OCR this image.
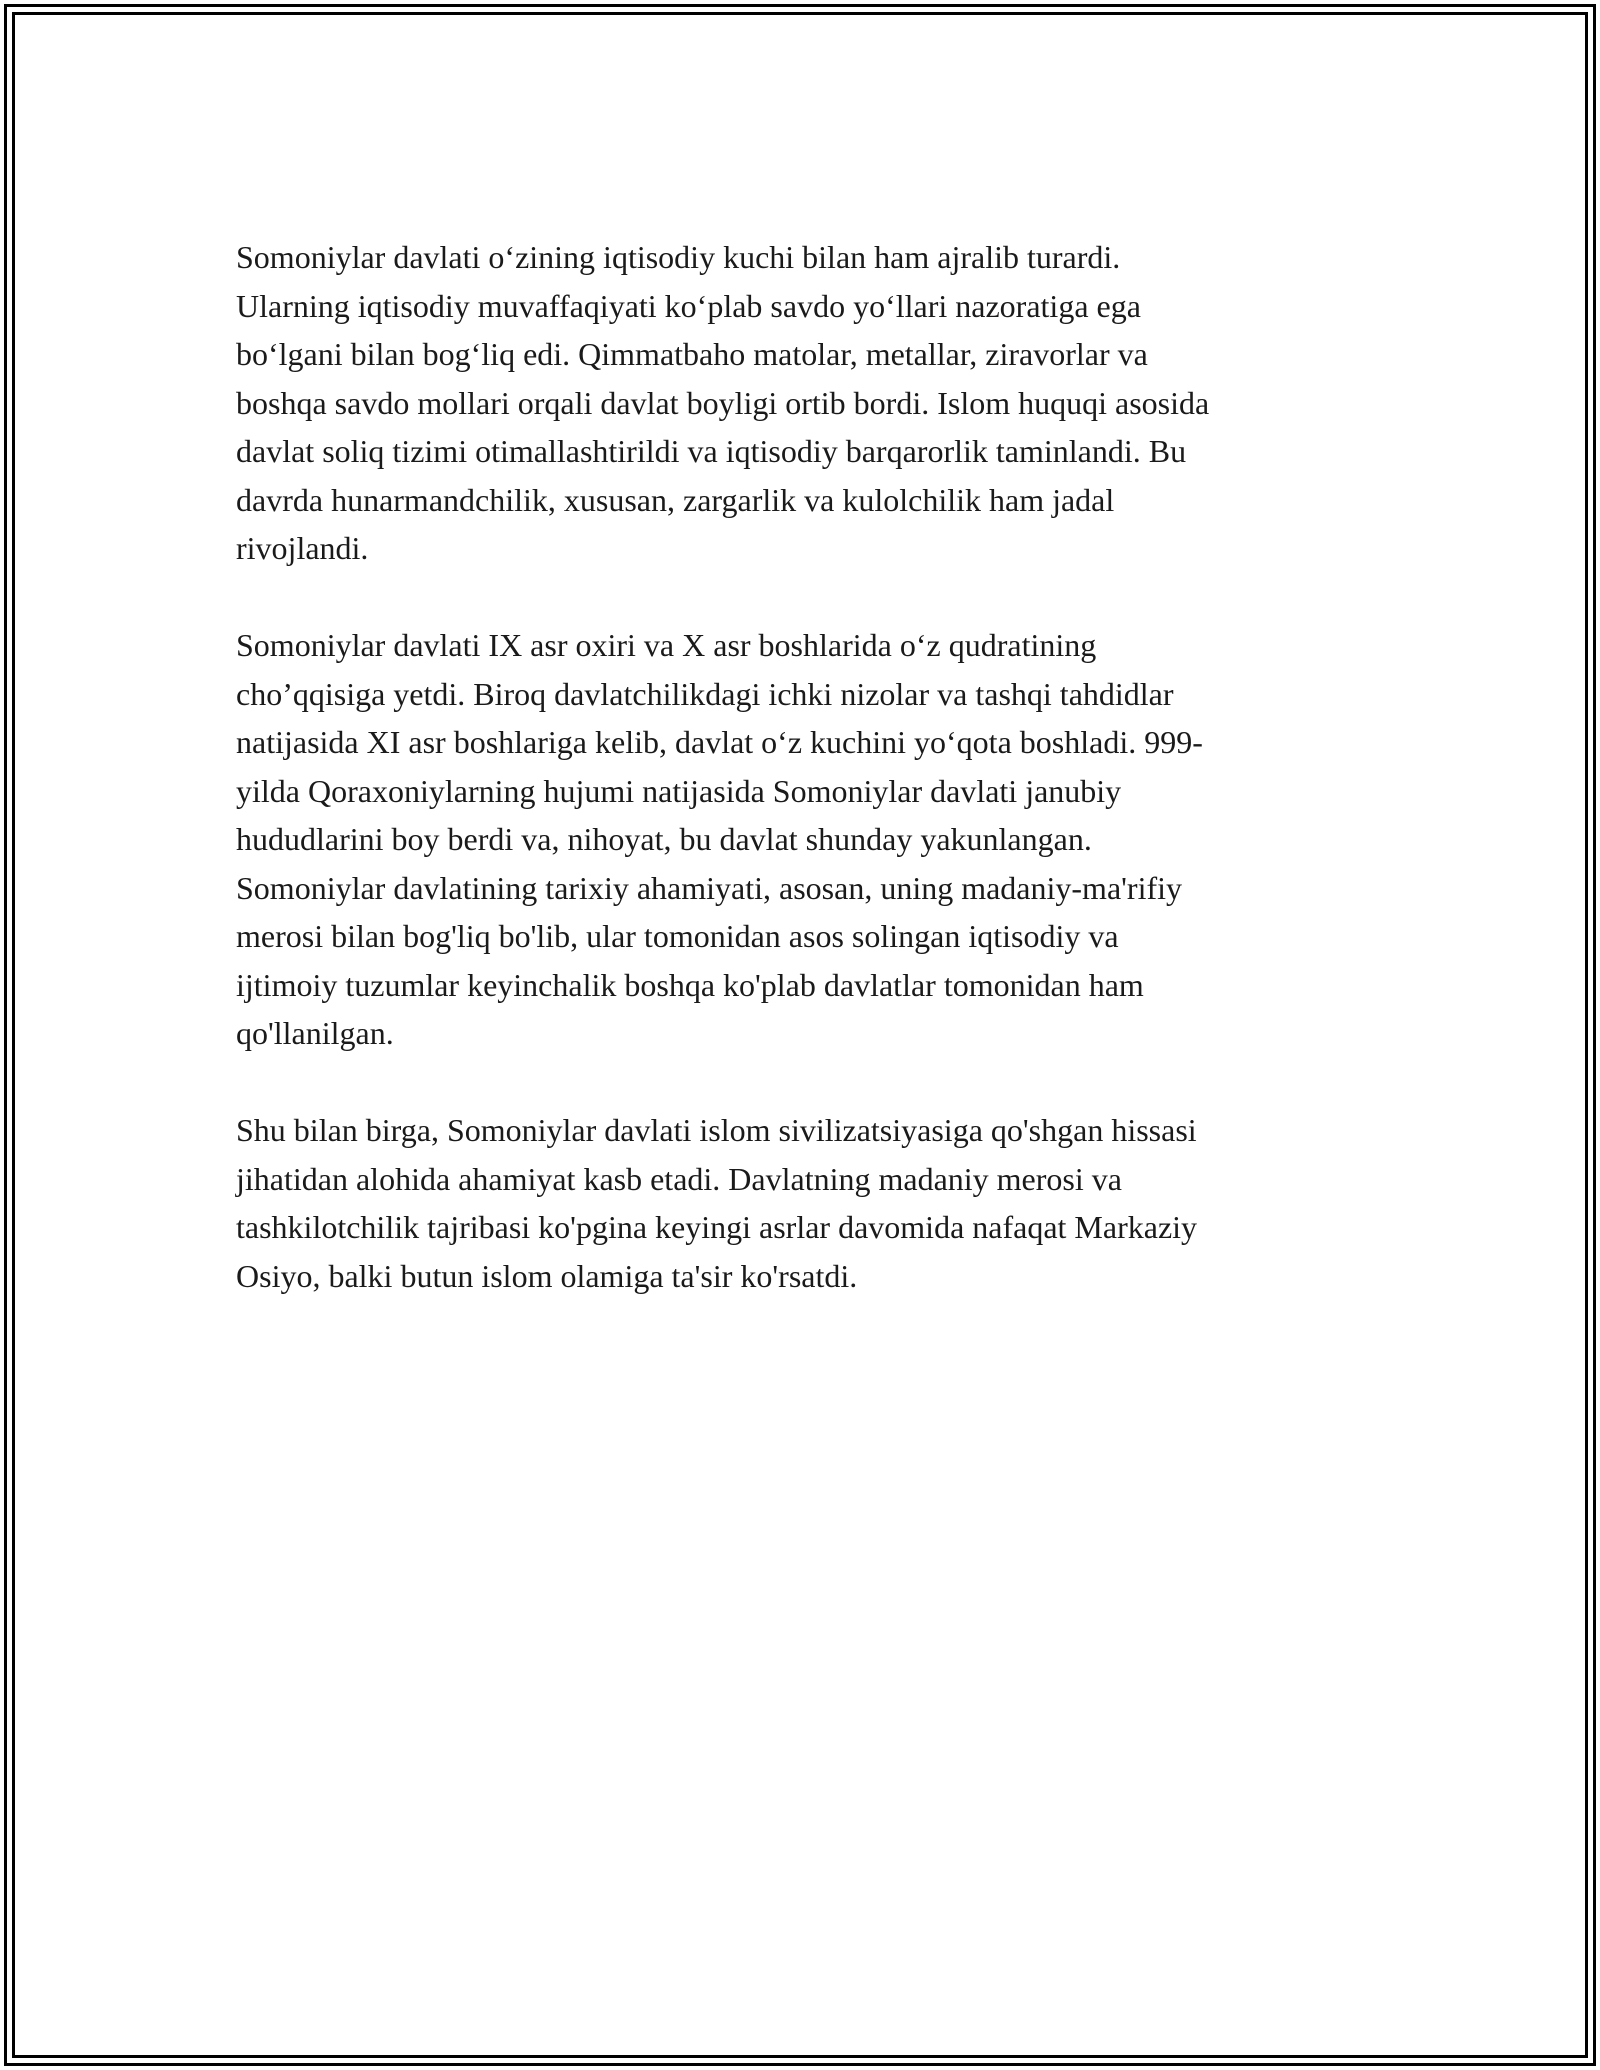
Somoniylar davlati o‘zining iqtisodiy kuchi bilan ham ajralib turardi.
Ularning iqtisodiy muvaffaqiyati ko‘plab savdo yo‘llari nazoratiga ega
bo‘lgani bilan bog‘liq edi. Qimmatbaho matolar, metallar, ziravorlar va
boshqa savdo mollari orqali davlat boyligi ortib bordi. Islom huquqi asosida
davlat soliq tizimi otimallashtirildi va iqtisodiy barqarorlik taminlandi. Bu
davrda hunarmandchilik, xususan, zargarlik va kulolchilik ham jadal
rivojlandi.

Somoniylar davlati IX asr oxiri va X asr boshlarida o‘z qudratining
cho’qqisiga yetdi. Biroq davlatchilikdagi ichki nizolar va tashqi tahdidlar
natijasida XI asr boshlariga kelib, davlat o‘z kuchini yo‘qota boshladi. 999-
yilda Qoraxoniylarning hujumi natijasida Somoniylar davlati janubiy
hududlarini boy berdi va, nihoyat, bu davlat shunday yakunlangan.
Somoniylar davlatining tarixiy ahamiyati, asosan, uning madaniy-ma'rifiy
merosi bilan bog'liq bo'lib, ular tomonidan asos solingan iqtisodiy va
ijtimoiy tuzumlar keyinchalik boshqa ko'plab davlatlar tomonidan ham
qo'llanilgan.

Shu bilan birga, Somoniylar davlati islom sivilizatsiyasiga qo'shgan hissasi
jihatidan alohida ahamiyat kasb etadi. Davlatning madaniy merosi va
tashkilotchilik tajribasi ko'pgina keyingi asrlar davomida nafaqat Markaziy
Osiyo, balki butun islom olamiga ta'sir ko'rsatdi.
